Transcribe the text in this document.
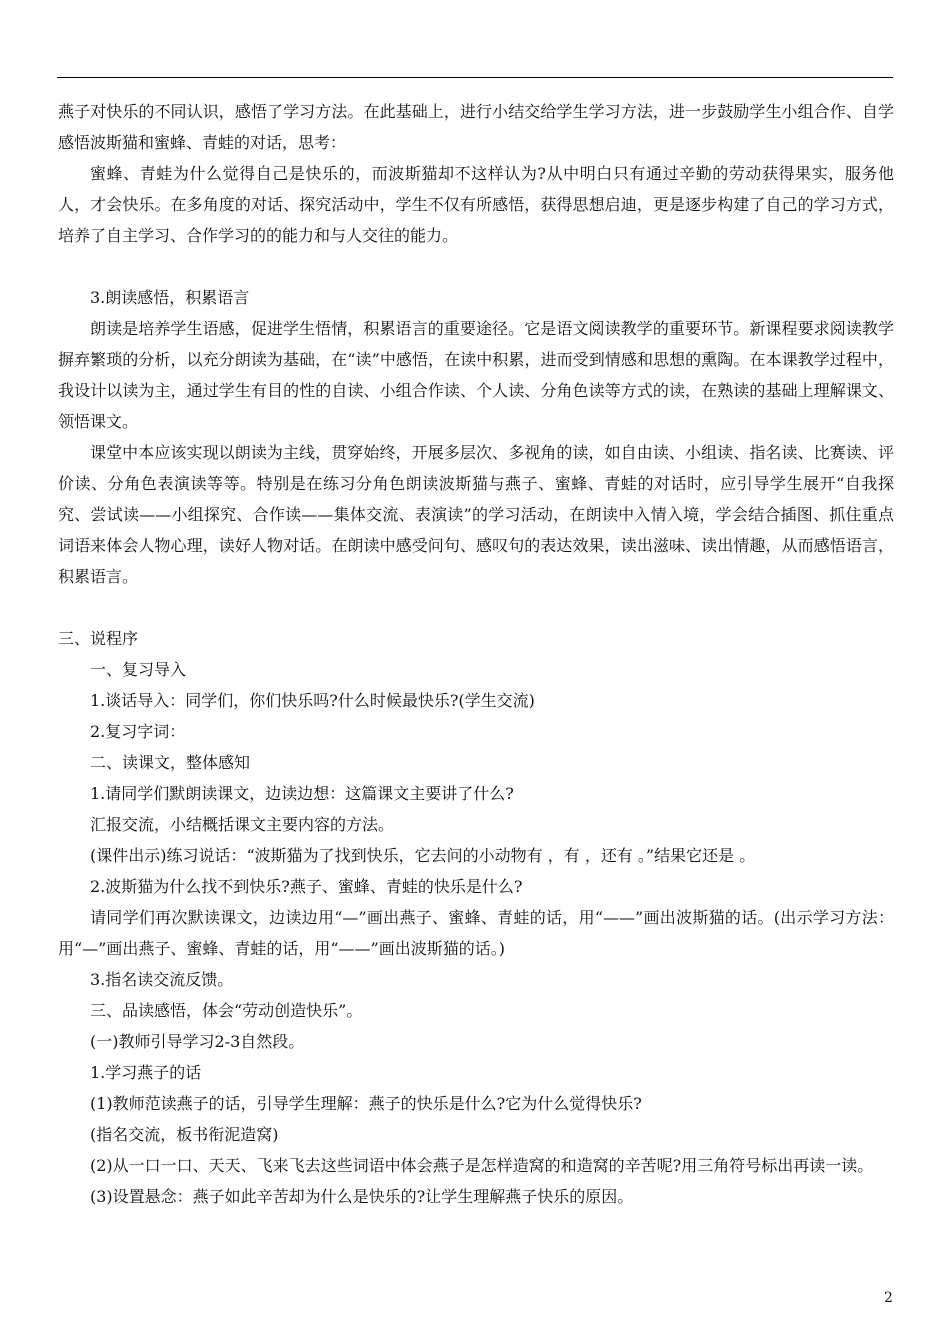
燕子对快乐的不同认识，感悟了学习方法。在此基础上，进行小结交给学生学习方法，进一步鼓励学生小组合作、自学感悟波斯猫和蜜蜂、青蛙的对话，思考：

蜜蜂、青蛙为什么觉得自己是快乐的，而波斯猫却不这样认为?从中明白只有通过辛勤的劳动获得果实，服务他人，才会快乐。在多角度的对话、探究活动中，学生不仅有所感悟，获得思想启迪，更是逐步构建了自己的学习方式，培养了自主学习、合作学习的的能力和与人交往的能力。

3.朗读感悟，积累语言

朗读是培养学生语感，促进学生悟情，积累语言的重要途径。它是语文阅读教学的重要环节。新课程要求阅读教学摒弃繁琐的分析，以充分朗读为基础，在“读”中感悟，在读中积累，进而受到情感和思想的熏陶。在本课教学过程中，我设计以读为主，通过学生有目的性的自读、小组合作读、个人读、分角色读等方式的读，在熟读的基础上理解课文、领悟课文。

课堂中本应该实现以朗读为主线，贯穿始终，开展多层次、多视角的读，如自由读、小组读、指名读、比赛读、评价读、分角色表演读等等。特别是在练习分角色朗读波斯猫与燕子、蜜蜂、青蛙的对话时，应引导学生展开“自我探究、尝试读——小组探究、合作读——集体交流、表演读”的学习活动，在朗读中入情入境，学会结合插图、抓住重点词语来体会人物心理，读好人物对话。在朗读中感受问句、感叹句的表达效果，读出滋味、读出情趣，从而感悟语言，积累语言。

三、说程序

一、复习导入

1.谈话导入：同学们，你们快乐吗?什么时候最快乐?(学生交流)

2.复习字词：

二、读课文，整体感知

1.请同学们默朗读课文，边读边想：这篇课文主要讲了什么?

汇报交流，小结概括课文主要内容的方法。

(课件出示)练习说话：“波斯猫为了找到快乐，它去问的小动物有 ，有 ，还有 。”结果它还是 。

2.波斯猫为什么找不到快乐?燕子、蜜蜂、青蛙的快乐是什么?

请同学们再次默读课文，边读边用“—”画出燕子、蜜蜂、青蛙的话，用“——”画出波斯猫的话。(出示学习方法：用“—”画出燕子、蜜蜂、青蛙的话，用“——”画出波斯猫的话。)

3.指名读交流反馈。

三、品读感悟，体会“劳动创造快乐”。

(一)教师引导学习2-3自然段。

1.学习燕子的话

(1)教师范读燕子的话，引导学生理解：燕子的快乐是什么?它为什么觉得快乐?

(指名交流，板书衔泥造窝)

(2)从一口一口、天天、飞来飞去这些词语中体会燕子是怎样造窝的和造窝的辛苦呢?用三角符号标出再读一读。

(3)设置悬念：燕子如此辛苦却为什么是快乐的?让学生理解燕子快乐的原因。

2
